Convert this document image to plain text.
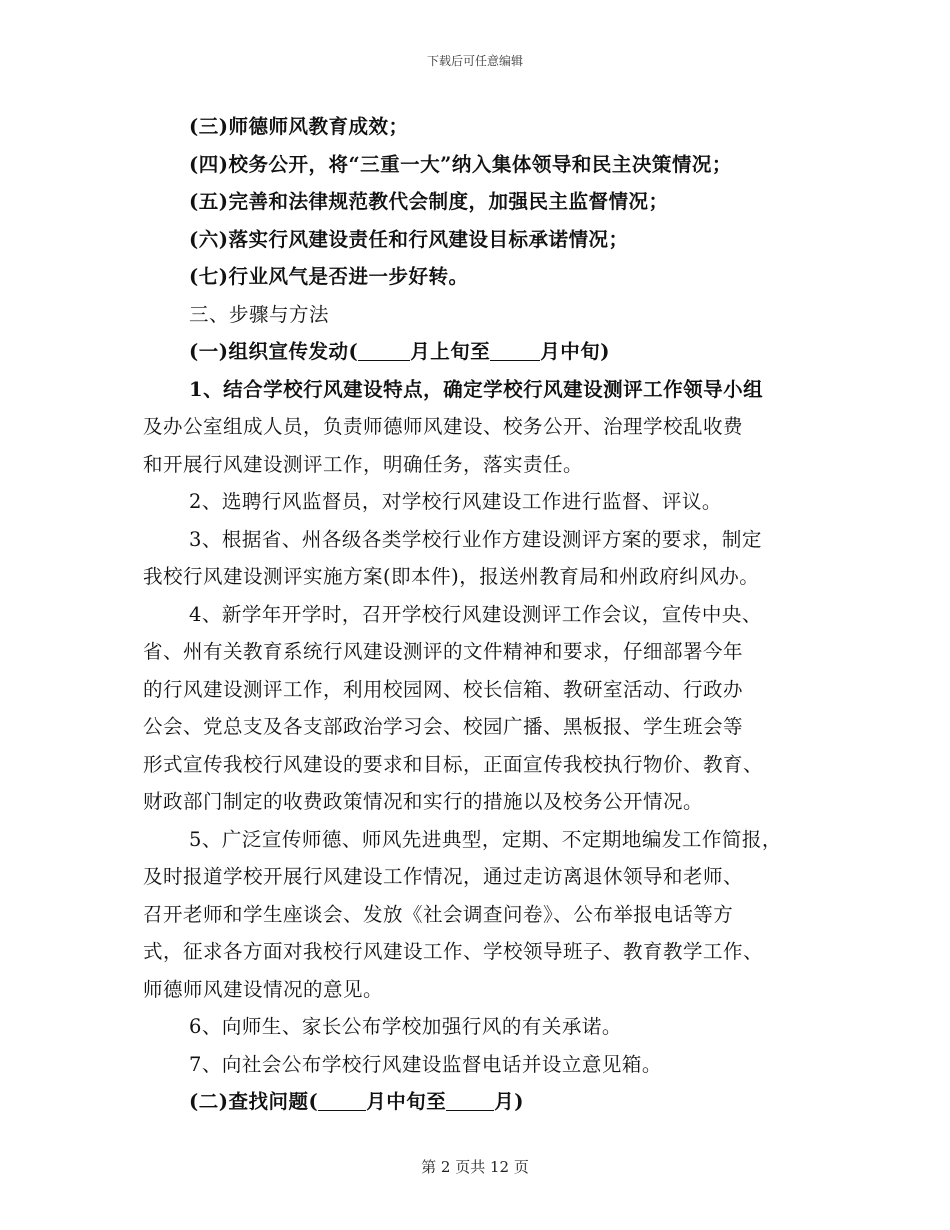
下载后可任意编辑
(三)师德师风教育成效；
(四)校务公开，将“三重一大”纳入集体领导和民主决策情况；
(五)完善和法律规范教代会制度，加强民主监督情况；
(六)落实行风建设责任和行风建设目标承诺情况；
(七)行业风气是否进一步好转。
三、步骤与方法
(一)组织宣传发动(	月上旬至	月中旬)
1、结合学校行风建设特点，确定学校行风建设测评工作领导小组
及办公室组成人员，负责师德师风建设、校务公开、治理学校乱收费
和开展行风建设测评工作，明确任务，落实责任。
2、选聘行风监督员，对学校行风建设工作进行监督、评议。
3、根据省、州各级各类学校行业作方建设测评方案的要求，制定
我校行风建设测评实施方案(即本件)，报送州教育局和州政府纠风办。
4、新学年开学时，召开学校行风建设测评工作会议，宣传中央、
省、州有关教育系统行风建设测评的文件精神和要求，仔细部署今年
的行风建设测评工作，利用校园网、校长信箱、教研室活动、行政办
公会、党总支及各支部政治学习会、校园广播、黑板报、学生班会等
形式宣传我校行风建设的要求和目标，正面宣传我校执行物价、教育、
财政部门制定的收费政策情况和实行的措施以及校务公开情况。
5、广泛宣传师德、师风先进典型，定期、不定期地编发工作简报，
及时报道学校开展行风建设工作情况，通过走访离退休领导和老师、
召开老师和学生座谈会、发放《社会调查问卷》、公布举报电话等方
式，征求各方面对我校行风建设工作、学校领导班子、教育教学工作、
师德师风建设情况的意见。
6、向师生、家长公布学校加强行风的有关承诺。
7、向社会公布学校行风建设监督电话并设立意见箱。
(二)查找问题( 月中旬至 月)
第 2 页共 12 页
